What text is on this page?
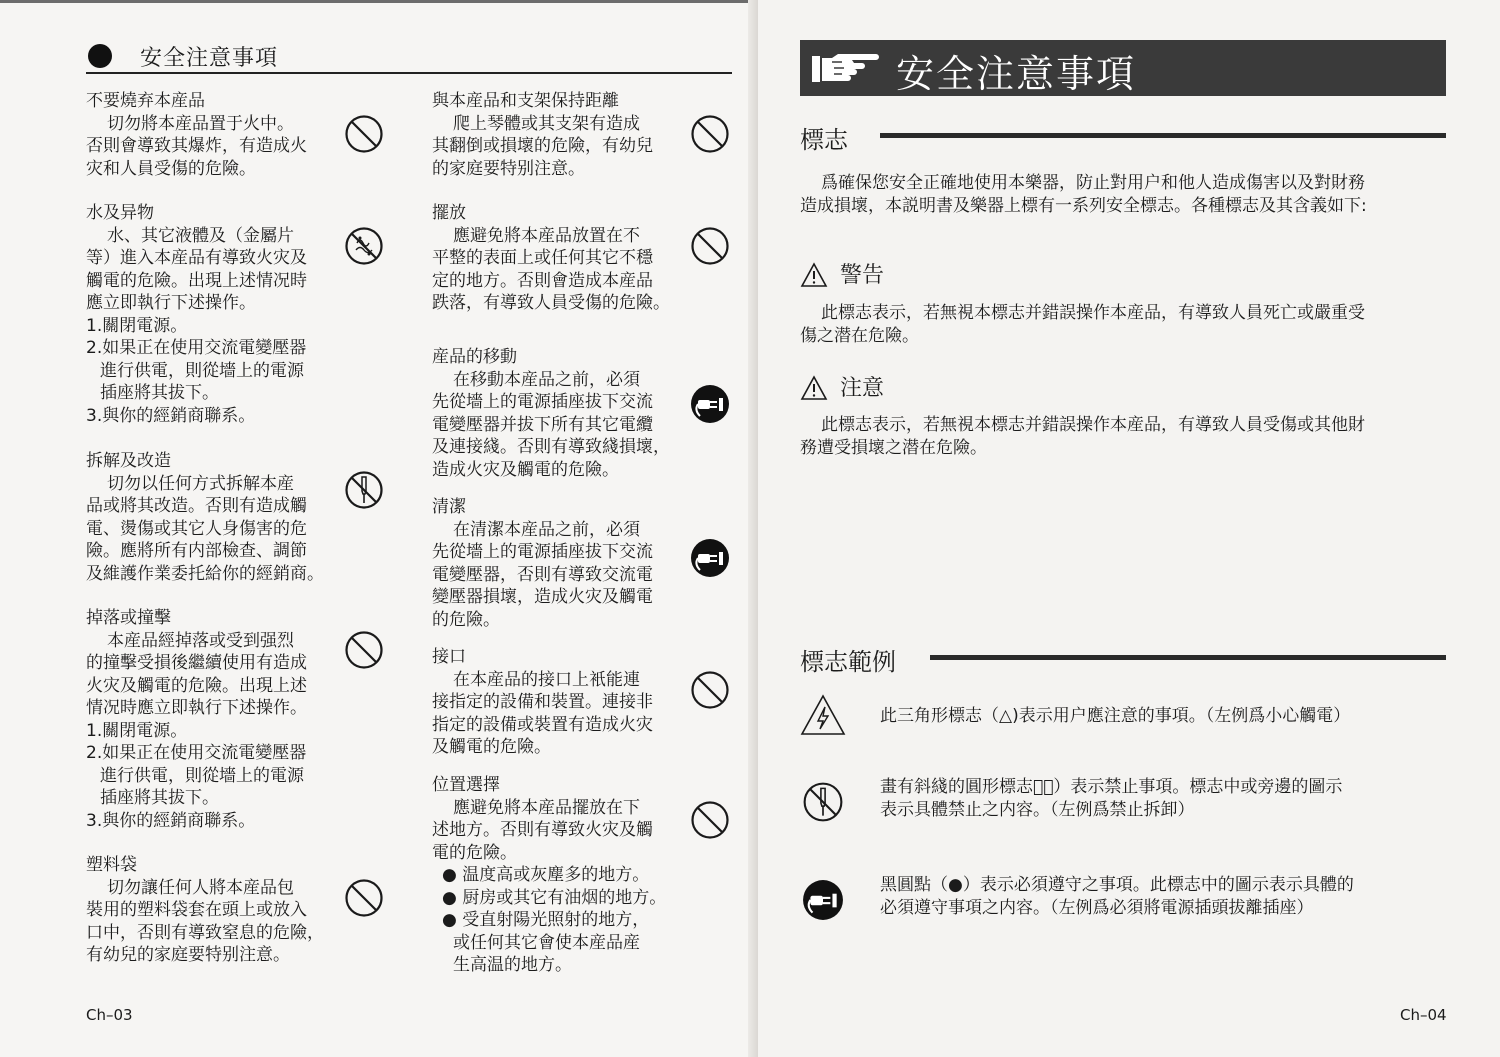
安全注意事項

不要燒弃本産品

切勿將本産品置于火中。

否則會導致其爆炸，有造成火

灾和人員受傷的危險。

水及异物

水、其它液體及（金屬片

等）進入本産品有導致火灾及

觸電的危險。出現上述情况時

應立即執行下述操作。

1.關閉電源。

2.如果正在使用交流電變壓器

進行供電，則從墻上的電源

插座將其拔下。

3.與你的經銷商聯系。

拆解及改造

切勿以任何方式拆解本産

品或將其改造。否則有造成觸

電、燙傷或其它人身傷害的危

險。應將所有内部檢查、調節

及維護作業委托給你的經銷商。

掉落或撞擊

本産品經掉落或受到强烈

的撞擊受損後繼續使用有造成

火灾及觸電的危險。出現上述

情况時應立即執行下述操作。

1.關閉電源。

2.如果正在使用交流電變壓器

進行供電，則從墻上的電源

插座將其拔下。

3.與你的經銷商聯系。

塑料袋

切勿讓任何人將本産品包

裝用的塑料袋套在頭上或放入

口中，否則有導致窒息的危險，

有幼兒的家庭要特别注意。

與本産品和支架保持距離

爬上琴體或其支架有造成

其翻倒或損壞的危險，有幼兒

的家庭要特别注意。

擺放

應避免將本産品放置在不

平整的表面上或任何其它不穩

定的地方。否則會造成本産品

跌落，有導致人員受傷的危險。

産品的移動

在移動本産品之前，必須

先從墻上的電源插座拔下交流

電變壓器并拔下所有其它電纜

及連接綫。否則有導致綫損壞，

造成火灾及觸電的危險。

清潔

在清潔本産品之前，必須

先從墻上的電源插座拔下交流

電變壓器，否則有導致交流電

變壓器損壞，造成火灾及觸電

的危險。

接口

在本産品的接口上衹能連

接指定的設備和裝置。連接非

指定的設備或裝置有造成火灾

及觸電的危險。

位置選擇

應避免將本産品擺放在下

述地方。否則有導致火灾及觸

電的危險。

● 温度高或灰塵多的地方。

● 厨房或其它有油烟的地方。

● 受直射陽光照射的地方，

或任何其它會使本産品産

生高温的地方。

Ch–03
安全注意事項
標志

爲確保您安全正確地使用本樂器，防止對用户和他人造成傷害以及對財務

造成損壞，本説明書及樂器上標有一系列安全標志。各種標志及其含義如下:

警告

此標志表示，若無視本標志并錯誤操作本産品，有導致人員死亡或嚴重受

傷之潜在危險。

注意

此標志表示，若無視本標志并錯誤操作本産品，有導致人員受傷或其他財

務遭受損壞之潜在危險。

標志範例

此三角形標志（△)表示用户應注意的事項。（左例爲小心觸電）

畫有斜綫的圓形標志（⃠）表示禁止事項。標志中或旁邊的圖示

表示具體禁止之内容。（左例爲禁止拆卸）

黑圓點（●）表示必須遵守之事項。此標志中的圖示表示具體的

必須遵守事項之内容。（左例爲必須將電源插頭拔離插座）

Ch–04
